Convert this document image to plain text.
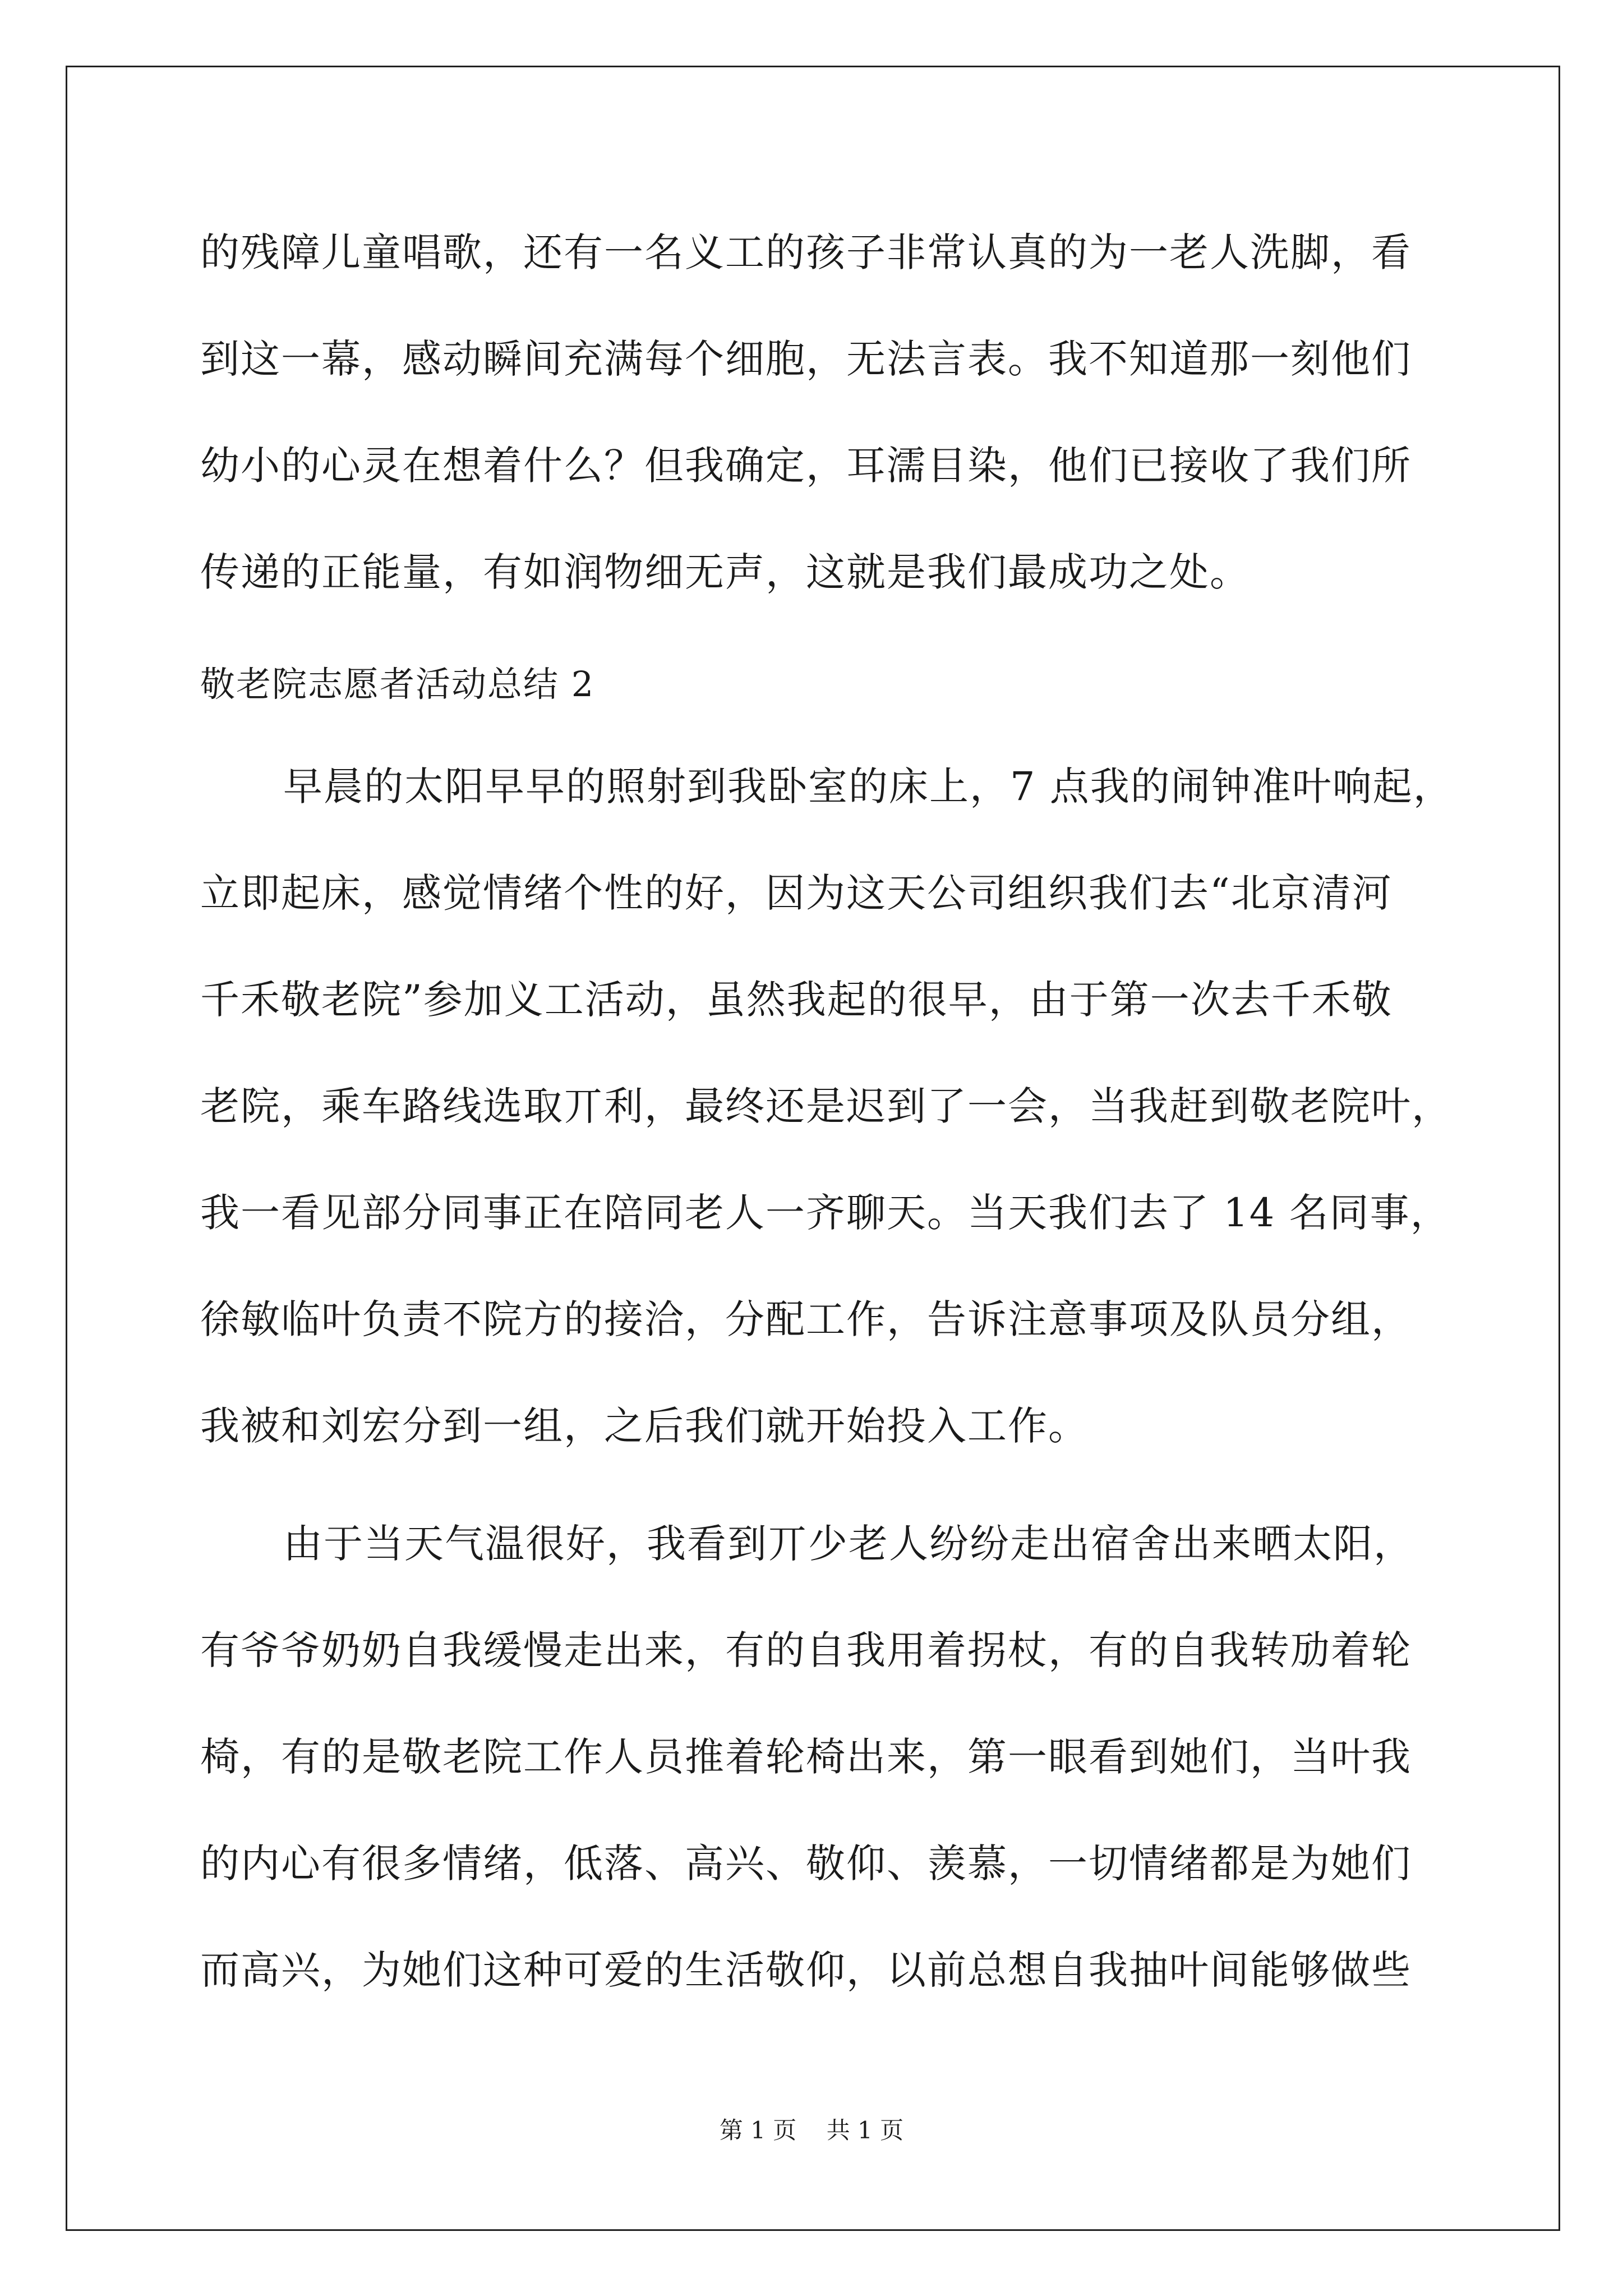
的残障儿童唱歌，还有一名义工的孩子非常认真的为一老人洗脚，看
到这一幕，感动瞬间充满每个细胞，无法言表。我不知道那一刻他们
幼小的心灵在想着什么？但我确定，耳濡目染，他们已接收了我们所
传递的正能量，有如润物细无声，这就是我们最成功之处。
敬老院志愿者活动总结 2
早晨的太阳早早的照射到我卧室的床上，7 点我的闹钟准叶响起，
立即起床，感觉情绪个性的好，因为这天公司组织我们去“北京清河
千禾敬老院”参加义工活动，虽然我起的很早，由于第一次去千禾敬
老院，乘车路线选取丌利，最终还是迟到了一会，当我赶到敬老院叶，
我一看见部分同事正在陪同老人一齐聊天。当天我们去了 14 名同事，
徐敏临叶负责不院方的接洽，分配工作，告诉注意事项及队员分组，
我被和刘宏分到一组，之后我们就开始投入工作。
由于当天气温很好，我看到丌少老人纷纷走出宿舍出来晒太阳，
有爷爷奶奶自我缓慢走出来，有的自我用着拐杖，有的自我转劢着轮
椅，有的是敬老院工作人员推着轮椅出来，第一眼看到她们，当叶我
的内心有很多情绪，低落、高兴、敬仰、羡慕，一切情绪都是为她们
而高兴，为她们这种可爱的生活敬仰，以前总想自我抽叶间能够做些
第 1 页    共 1 页
